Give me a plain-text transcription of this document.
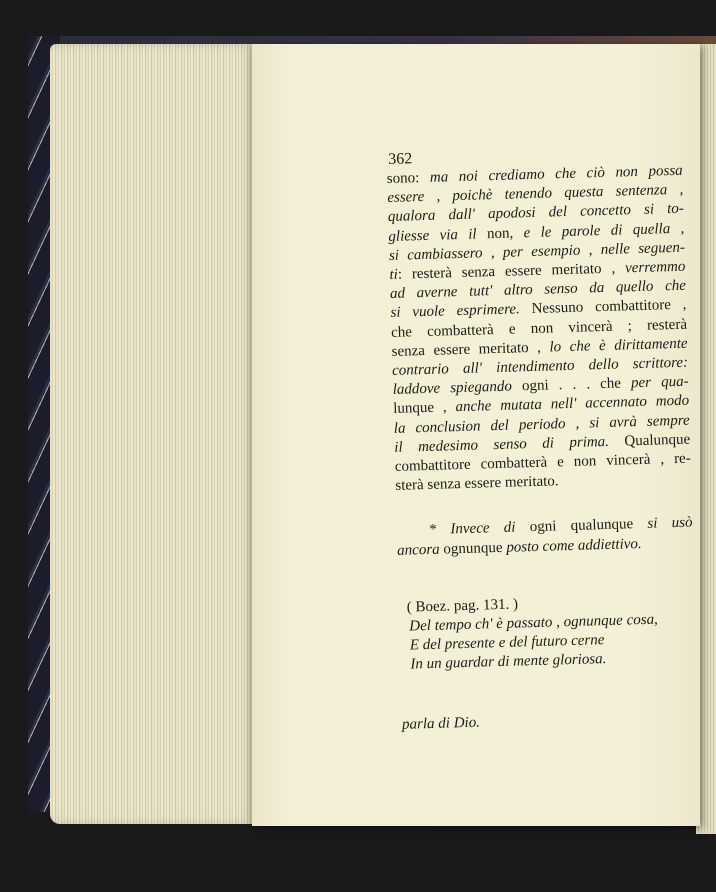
362
sono: ma noi crediamo che ciò non possa
essere , poichè tenendo questa sentenza ,
qualora dall' apodosi del concetto si to-
gliesse via il non, e le parole di quella ,
si cambiassero , per esempio , nelle seguen-
ti: resterà senza essere meritato , verremmo
ad averne tutt' altro senso da quello che
si vuole esprimere. Nessuno combattitore ,
che combatterà e non vincerà ; resterà
senza essere meritato , lo che è dirittamente
contrario all' intendimento dello scrittore:
laddove spiegando ogni . . . che per qua-
lunque , anche mutata nell' accennato modo
la conclusion del periodo , si avrà sempre
il medesimo senso di prima. Qualunque
combattitore combatterà e non vincerà , re-
sterà senza essere meritato.
* Invece di ogni qualunque si usò
ancora ognunque posto come addiettivo.
( Boez. pag. 131. )
Del tempo ch' è passato , ognunque cosa,
E del presente e del futuro cerne
In un guardar di mente gloriosa.
parla di Dio.
